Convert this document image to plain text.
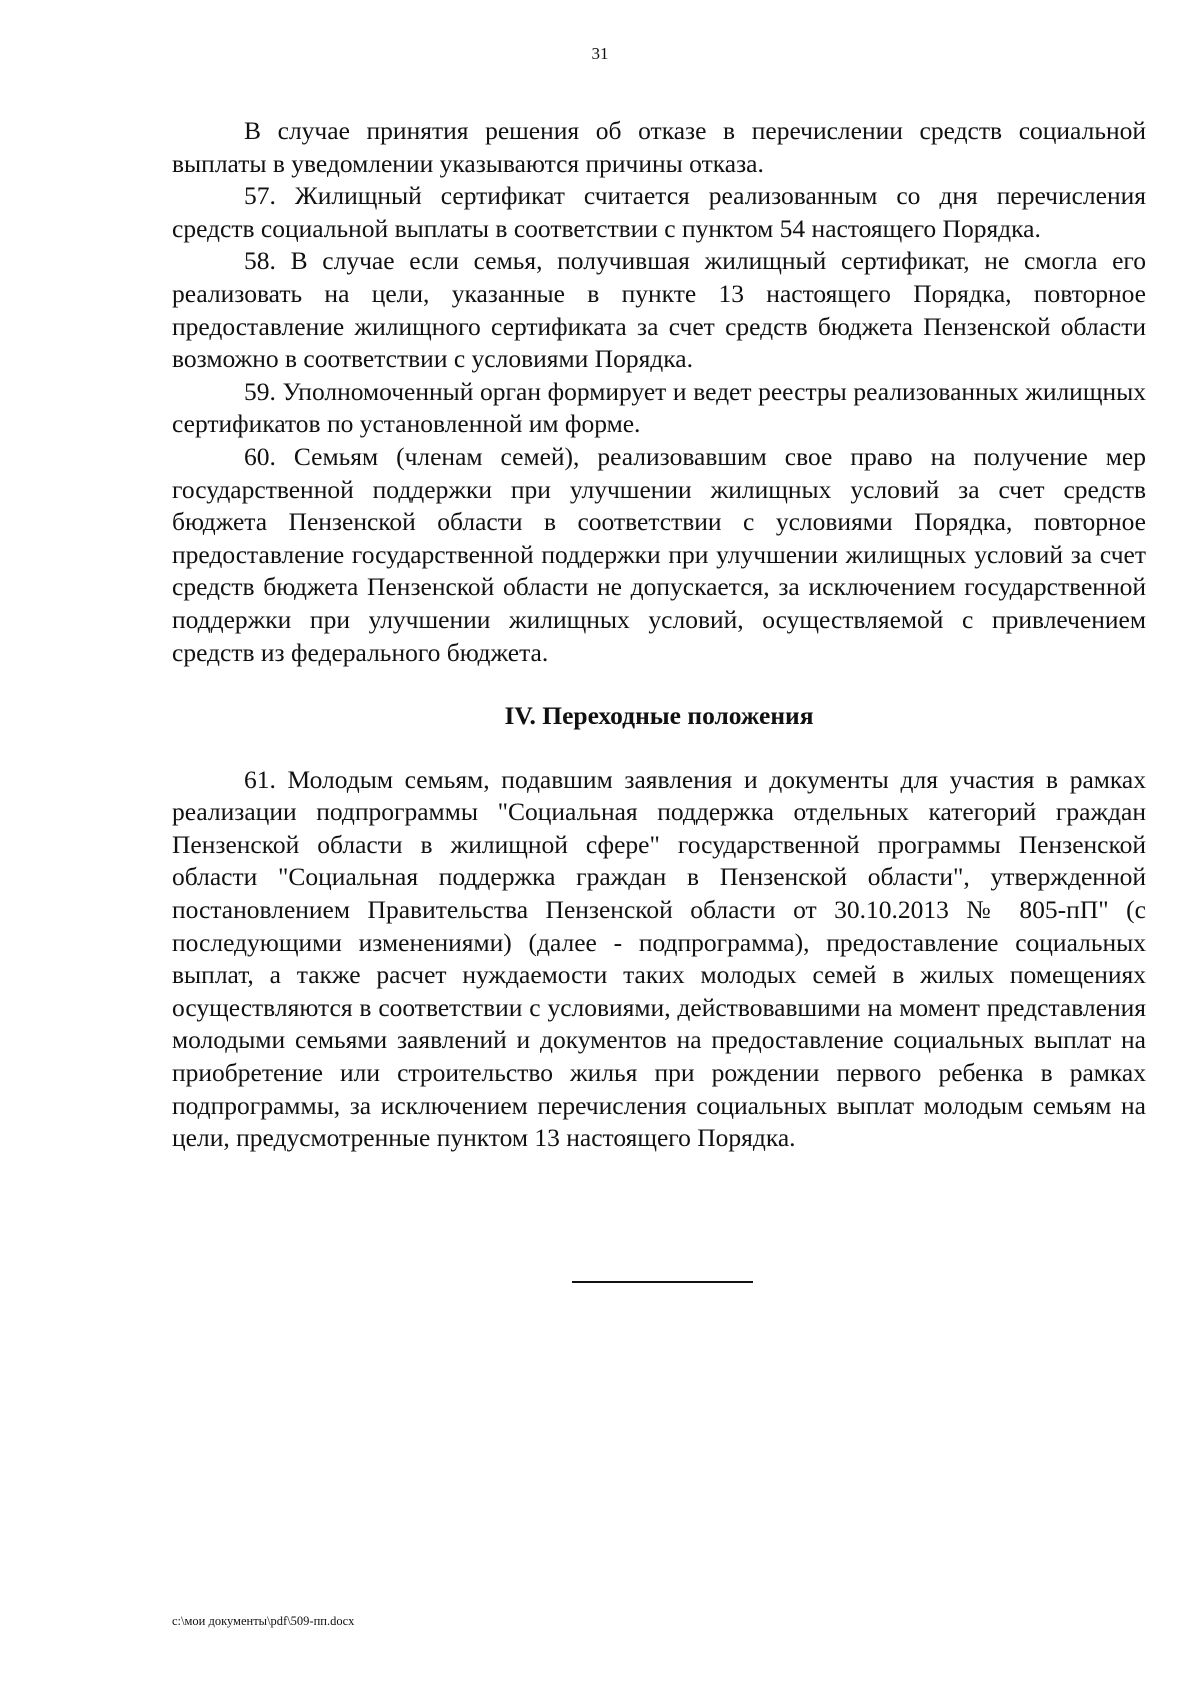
31

В случае принятия решения об отказе в перечислении средств социальной выплаты в уведомлении указываются причины отказа.

57. Жилищный сертификат считается реализованным со дня перечисления средств социальной выплаты в соответствии с пунктом 54 настоящего Порядка.

58. В случае если семья, получившая жилищный сертификат, не смогла его реализовать на цели, указанные в пункте 13 настоящего Порядка, повторное предоставление жилищного сертификата за счет средств бюджета Пензенской области возможно в соответствии с условиями Порядка.

59. Уполномоченный орган формирует и ведет реестры реализованных жилищных сертификатов по установленной им форме.

60. Семьям (членам семей), реализовавшим свое право на получение мер государственной поддержки при улучшении жилищных условий за счет средств бюджета Пензенской области в соответствии с условиями Порядка, повторное предоставление государственной поддержки при улучшении жилищных условий за счет средств бюджета Пензенской области не допускается, за исключением государственной поддержки при улучшении жилищных условий, осуществляемой с привлечением средств из федерального бюджета.

IV. Переходные положения

61. Молодым семьям, подавшим заявления и документы для участия в рамках реализации подпрограммы "Социальная поддержка отдельных категорий граждан Пензенской области в жилищной сфере" государственной программы Пензенской области "Социальная поддержка граждан в Пензенской области", утвержденной постановлением Правительства Пензенской области от 30.10.2013 № 805-пП" (с последующими изменениями) (далее - подпрограмма), предоставление социальных выплат, а также расчет нуждаемости таких молодых семей в жилых помещениях осуществляются в соответствии с условиями, действовавшими на момент представления молодыми семьями заявлений и документов на предоставление социальных выплат на приобретение или строительство жилья при рождении первого ребенка в рамках подпрограммы, за исключением перечисления социальных выплат молодым семьям на цели, предусмотренные пунктом 13 настоящего Порядка.

c:\мои документы\pdf\509-пп.docx
